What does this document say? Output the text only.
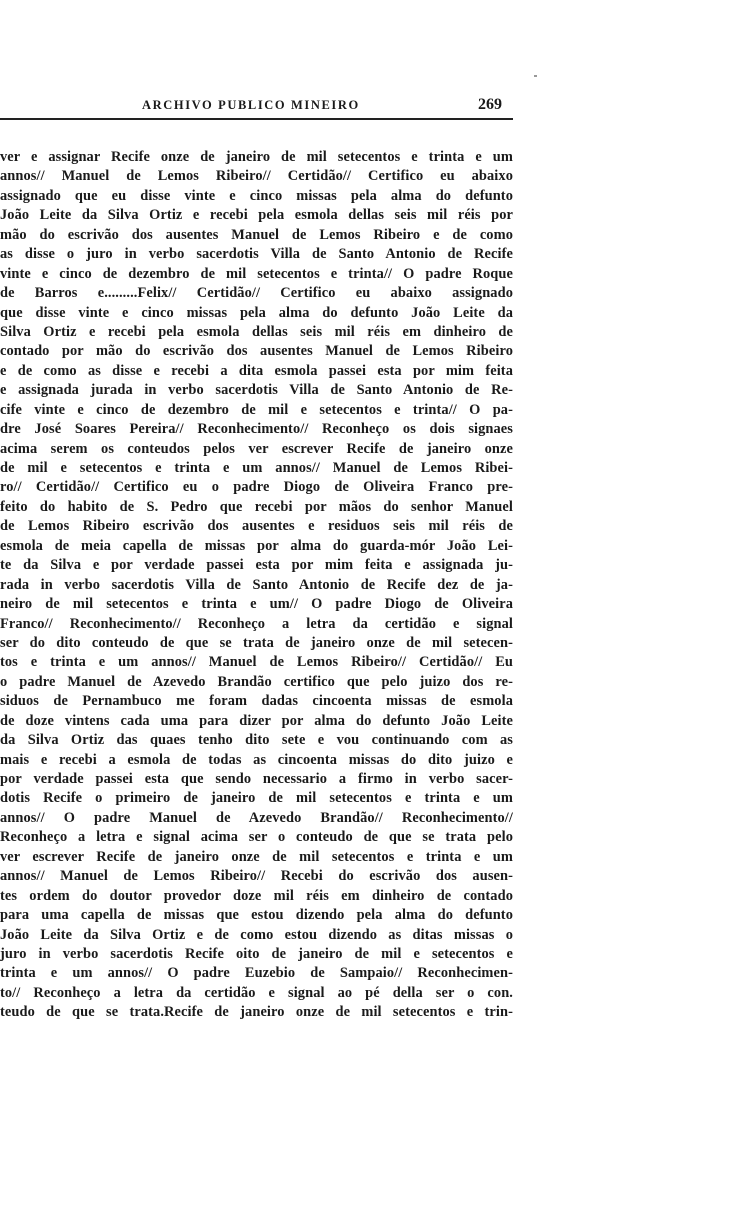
ARCHIVO PUBLICO MINEIRO	269
ver e assignar Recife onze de janeiro de mil setecentos e trinta e um
annos// Manuel de Lemos Ribeiro// Certidão// Certifico eu abaixo
assignado que eu disse vinte e cinco missas pela alma do defunto
João Leite da Silva Ortiz e recebi pela esmola dellas seis mil réis por
mão do escrivão dos ausentes Manuel de Lemos Ribeiro e de como
as disse o juro in verbo sacerdotis Villa de Santo Antonio de Recife
vinte e cinco de dezembro de mil setecentos e trinta// O padre Roque
de Barros e.........Felix// Certidão// Certifico eu abaixo assignado
que disse vinte e cinco missas pela alma do defunto João Leite da
Silva Ortiz e recebi pela esmola dellas seis mil réis em dinheiro de
contado por mão do escrivão dos ausentes Manuel de Lemos Ribeiro
e de como as disse e recebi a dita esmola passei esta por mim feita
e assignada jurada in verbo sacerdotis Villa de Santo Antonio de Re-
cife vinte e cinco de dezembro de mil e setecentos e trinta// O pa-
dre José Soares Pereira// Reconhecimento// Reconheço os dois signaes
acima serem os conteudos pelos ver escrever Recife de janeiro onze
de mil e setecentos e trinta e um annos// Manuel de Lemos Ribei-
ro// Certidão// Certifico eu o padre Diogo de Oliveira Franco pre-
feito do habito de S. Pedro que recebi por mãos do senhor Manuel
de Lemos Ribeiro escrivão dos ausentes e residuos seis mil réis de
esmola de meia capella de missas por alma do guarda-mór João Lei-
te da Silva e por verdade passei esta por mim feita e assignada ju-
rada in verbo sacerdotis Villa de Santo Antonio de Recife dez de ja-
neiro de mil setecentos e trinta e um// O padre Diogo de Oliveira
Franco// Reconhecimento// Reconheço a letra da certidão e signal
ser do dito conteudo de que se trata de janeiro onze de mil setecen-
tos e trinta e um annos// Manuel de Lemos Ribeiro// Certidão// Eu
o padre Manuel de Azevedo Brandão certifico que pelo juizo dos re-
siduos de Pernambuco me foram dadas cincoenta missas de esmola
de doze vintens cada uma para dizer por alma do defunto João Leite
da Silva Ortiz das quaes tenho dito sete e vou continuando com as
mais e recebi a esmola de todas as cincoenta missas do dito juizo e
por verdade passei esta que sendo necessario a firmo in verbo sacer-
dotis Recife o primeiro de janeiro de mil setecentos e trinta e um
annos// O padre Manuel de Azevedo Brandão// Reconhecimento//
Reconheço a letra e signal acima ser o conteudo de que se trata pelo
ver escrever Recife de janeiro onze de mil setecentos e trinta e um
annos// Manuel de Lemos Ribeiro// Recebi do escrivão dos ausen-
tes ordem do doutor provedor doze mil réis em dinheiro de contado
para uma capella de missas que estou dizendo pela alma do defunto
João Leite da Silva Ortiz e de como estou dizendo as ditas missas o
juro in verbo sacerdotis Recife oito de janeiro de mil e setecentos e
trinta e um annos// O padre Euzebio de Sampaio// Reconhecimen-
to// Reconheço a letra da certidão e signal ao pé della ser o con.
teudo de que se trata.Recife de janeiro onze de mil setecentos e trin-
